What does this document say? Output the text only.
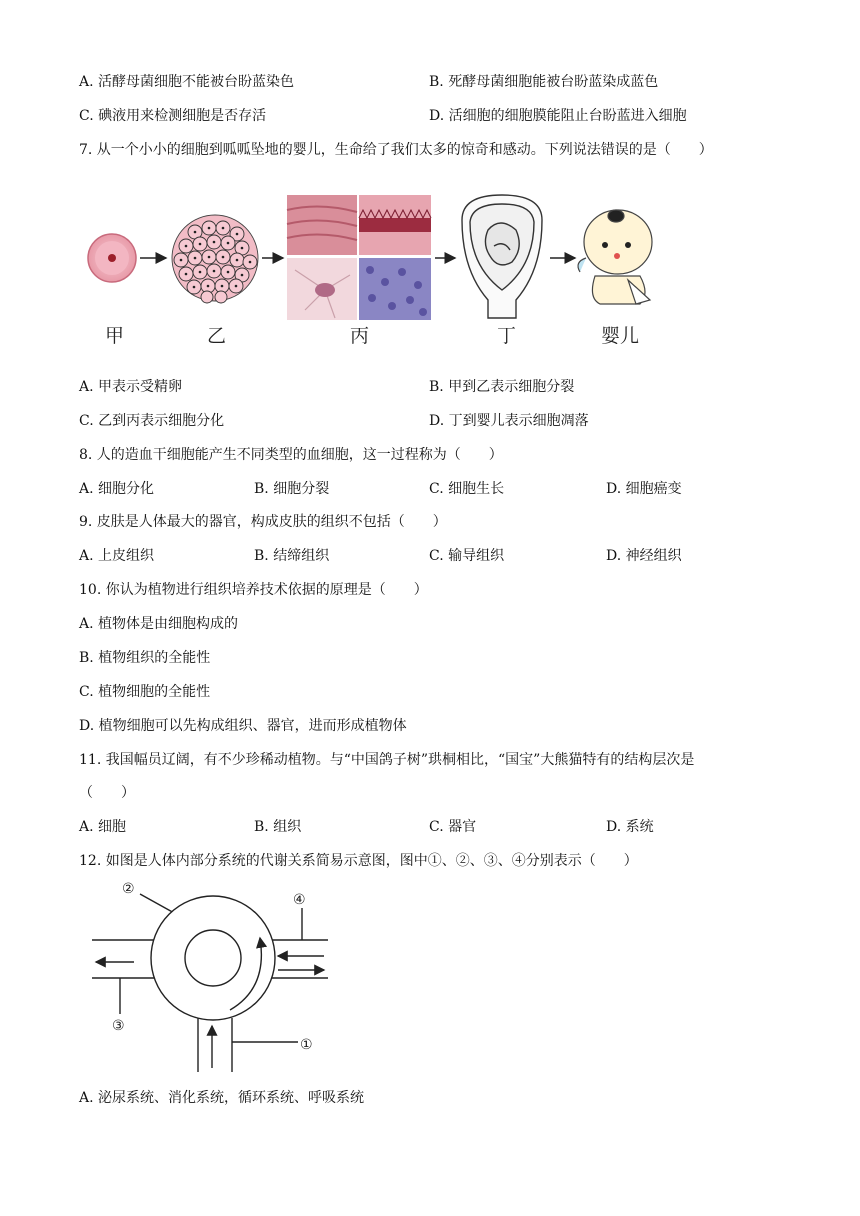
A. 活酵母菌细胞不能被台盼蓝染色	B. 死酵母菌细胞能被台盼蓝染成蓝色
C. 碘液用来检测细胞是否存活	D. 活细胞的细胞膜能阻止台盼蓝进入细胞
7. 从一个小小的细胞到呱呱坠地的婴儿，生命给了我们太多的惊奇和感动。下列说法错误的是（　　）
甲	乙	丙	丁	婴儿
A. 甲表示受精卵	B. 甲到乙表示细胞分裂
C. 乙到丙表示细胞分化	D. 丁到婴儿表示细胞凋落
8. 人的造血干细胞能产生不同类型的血细胞，这一过程称为（　　）
A. 细胞分化	B. 细胞分裂	C. 细胞生长	D. 细胞癌变
9. 皮肤是人体最大的器官，构成皮肤的组织不包括（　　）
A. 上皮组织	B. 结缔组织	C. 输导组织	D. 神经组织
10. 你认为植物进行组织培养技术依据的原理是（　　）
A. 植物体是由细胞构成的
B. 植物组织的全能性
C. 植物细胞的全能性
D. 植物细胞可以先构成组织、器官，进而形成植物体
11. 我国幅员辽阔，有不少珍稀动植物。与“中国鸽子树”珙桐相比，“国宝”大熊猫特有的结构层次是
（　　）
A. 细胞	B. 组织	C. 器官	D. 系统
12. 如图是人体内部分系统的代谢关系简易示意图，图中①、②、③、④分别表示（　　）
①
②
③
④
A. 泌尿系统、消化系统，循环系统、呼吸系统
